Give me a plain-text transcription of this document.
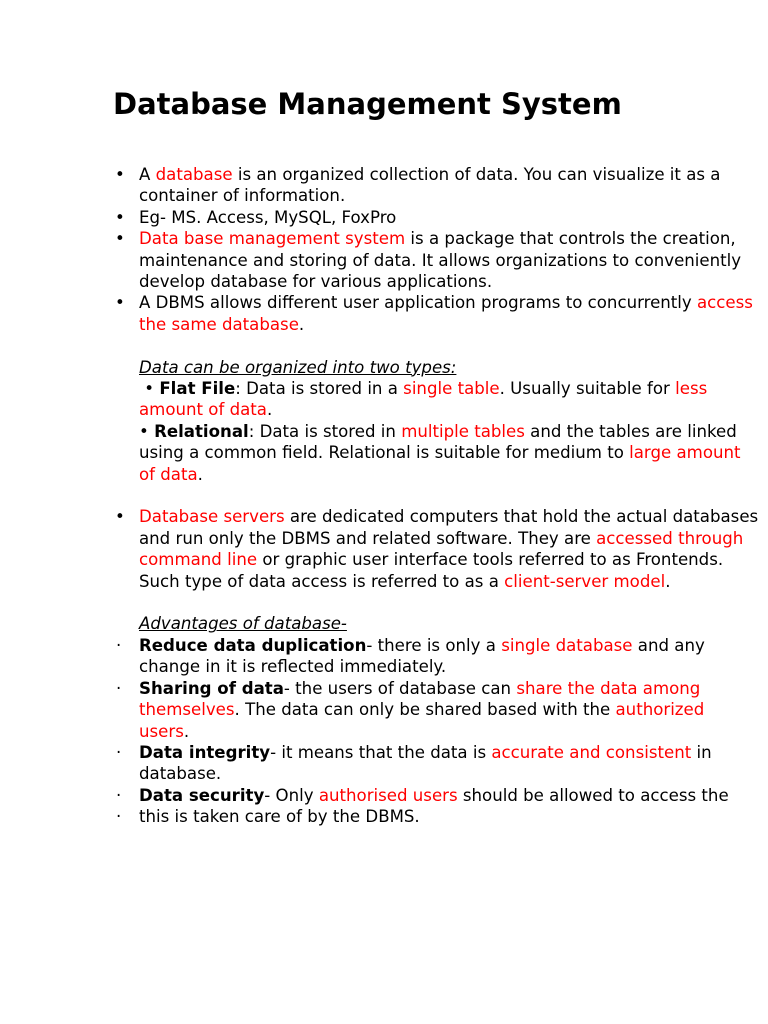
Database Management System

• A database is an organized collection of data. You can visualize it as a container of information.

• Eg- MS. Access, MySQL, FoxPro

• Data base management system is a package that controls the creation, maintenance and storing of data. It allows organizations to conveniently develop database for various applications.

• A DBMS allows different user application programs to concurrently access the same database.

Data can be organized into two types:

• Flat File: Data is stored in a single table. Usually suitable for less amount of data.

• Relational: Data is stored in multiple tables and the tables are linked using a common field. Relational is suitable for medium to large amount of data.

• Database servers are dedicated computers that hold the actual databases and run only the DBMS and related software. They are accessed through command line or graphic user interface tools referred to as Frontends. Such type of data access is referred to as a client-server model.

Advantages of database-

· Reduce data duplication- there is only a single database and any change in it is reflected immediately.

· Sharing of data- the users of database can share the data among themselves. The data can only be shared based with the authorized users.

· Data integrity- it means that the data is accurate and consistent in database.

· Data security- Only authorised users should be allowed to access the

· this is taken care of by the DBMS.
